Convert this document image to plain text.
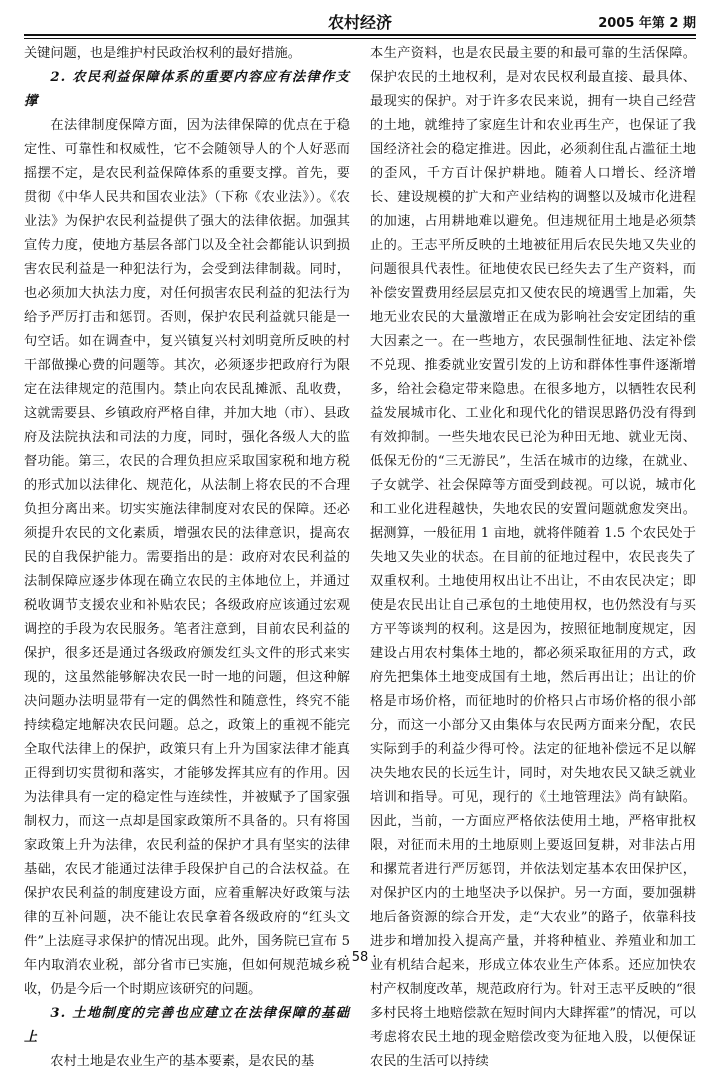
农村经济	2005 年第 2 期

关键问题，也是维护村民政治权利的最好措施。

2. 农民利益保障体系的重要内容应有法律作支撑

在法律制度保障方面，因为法律保障的优点在于稳定性、可靠性和权威性，它不会随领导人的个人好恶而摇摆不定，是农民利益保障体系的重要支撑。首先，要贯彻《中华人民共和国农业法》（下称《农业法》）。《农业法》为保护农民利益提供了强大的法律依据。加强其宣传力度，使地方基层各部门以及全社会都能认识到损害农民利益是一种犯法行为，会受到法律制裁。同时，也必须加大执法力度，对任何损害农民利益的犯法行为给予严厉打击和惩罚。否则，保护农民利益就只能是一句空话。如在调查中，复兴镇复兴村刘明竟所反映的村干部做操心费的问题等。其次，必须逐步把政府行为限定在法律规定的范围内。禁止向农民乱摊派、乱收费，这就需要县、乡镇政府严格自律，并加大地（市）、县政府及法院执法和司法的力度，同时，强化各级人大的监督功能。第三，农民的合理负担应采取国家税和地方税的形式加以法律化、规范化，从法制上将农民的不合理负担分离出来。切实实施法律制度对农民的保障。还必须提升农民的文化素质，增强农民的法律意识，提高农民的自我保护能力。需要指出的是：政府对农民利益的法制保障应逐步体现在确立农民的主体地位上，并通过税收调节支援农业和补贴农民；各级政府应该通过宏观调控的手段为农民服务。笔者注意到，目前农民利益的保护，很多还是通过各级政府颁发红头文件的形式来实现的，这虽然能够解决农民一时一地的问题，但这种解决问题办法明显带有一定的偶然性和随意性，终究不能持续稳定地解决农民问题。总之，政策上的重视不能完全取代法律上的保护，政策只有上升为国家法律才能真正得到切实贯彻和落实，才能够发挥其应有的作用。因为法律具有一定的稳定性与连续性，并被赋予了国家强制权力，而这一点却是国家政策所不具备的。只有将国家政策上升为法律，农民利益的保护才具有坚实的法律基础，农民才能通过法律手段保护自己的合法权益。在保护农民利益的制度建设方面，应着重解决好政策与法律的互补问题，决不能让农民拿着各级政府的“红头文件”上法庭寻求保护的情况出现。此外，国务院已宣布 5 年内取消农业税，部分省市已实施，但如何规范城乡税收，仍是今后一个时期应该研究的问题。

3. 土地制度的完善也应建立在法律保障的基础上

农村土地是农业生产的基本要素，是农民的基

本生产资料，也是农民最主要的和最可靠的生活保障。保护农民的土地权利，是对农民权利最直接、最具体、最现实的保护。对于许多农民来说，拥有一块自己经营的土地，就维持了家庭生计和农业再生产，也保证了我国经济社会的稳定推进。因此，必须刹住乱占滥征土地的歪风，千方百计保护耕地。随着人口增长、经济增长、建设规模的扩大和产业结构的调整以及城市化进程的加速，占用耕地难以避免。但违规征用土地是必须禁止的。王志平所反映的土地被征用后农民失地又失业的问题很具代表性。征地使农民已经失去了生产资料，而补偿安置费用经层层克扣又使农民的境遇雪上加霜，失地无业农民的大量激增正在成为影响社会安定团结的重大因素之一。在一些地方，农民强制性征地、法定补偿不兑现、推委就业安置引发的上访和群体性事件逐渐增多，给社会稳定带来隐患。在很多地方，以牺牲农民利益发展城市化、工业化和现代化的错误思路仍没有得到有效抑制。一些失地农民已沦为种田无地、就业无岗、低保无份的“三无游民”，生活在城市的边缘，在就业、子女就学、社会保障等方面受到歧视。可以说，城市化和工业化进程越快，失地农民的安置问题就愈发突出。据测算，一般征用 1 亩地，就将伴随着 1.5 个农民处于失地又失业的状态。在目前的征地过程中，农民丧失了双重权利。土地使用权出让不出让，不由农民决定；即使是农民出让自己承包的土地使用权，也仍然没有与买方平等谈判的权利。这是因为，按照征地制度规定，因建设占用农村集体土地的，都必须采取征用的方式，政府先把集体土地变成国有土地，然后再出让；出让的价格是市场价格，而征地时的价格只占市场价格的很小部分，而这一小部分又由集体与农民两方面来分配，农民实际到手的利益少得可怜。法定的征地补偿远不足以解决失地农民的长远生计，同时，对失地农民又缺乏就业培训和指导。可见，现行的《土地管理法》尚有缺陷。因此，当前，一方面应严格依法使用土地，严格审批权限，对征而未用的土地原则上要返回复耕，对非法占用和摞荒者进行严厉惩罚，并依法划定基本农田保护区，对保护区内的土地坚决予以保护。另一方面，要加强耕地后备资源的综合开发，走“大农业”的路子，依靠科技进步和增加投入提高产量，并将种植业、养殖业和加工业有机结合起来，形成立体农业生产体系。还应加快农村产权制度改革，规范政府行为。针对王志平反映的“很多村民将土地赔偿款在短时间内大肆挥霍”的情况，可以考虑将农民土地的现金赔偿改变为征地入股，以便保证农民的生活可以持续

· 58 ·
